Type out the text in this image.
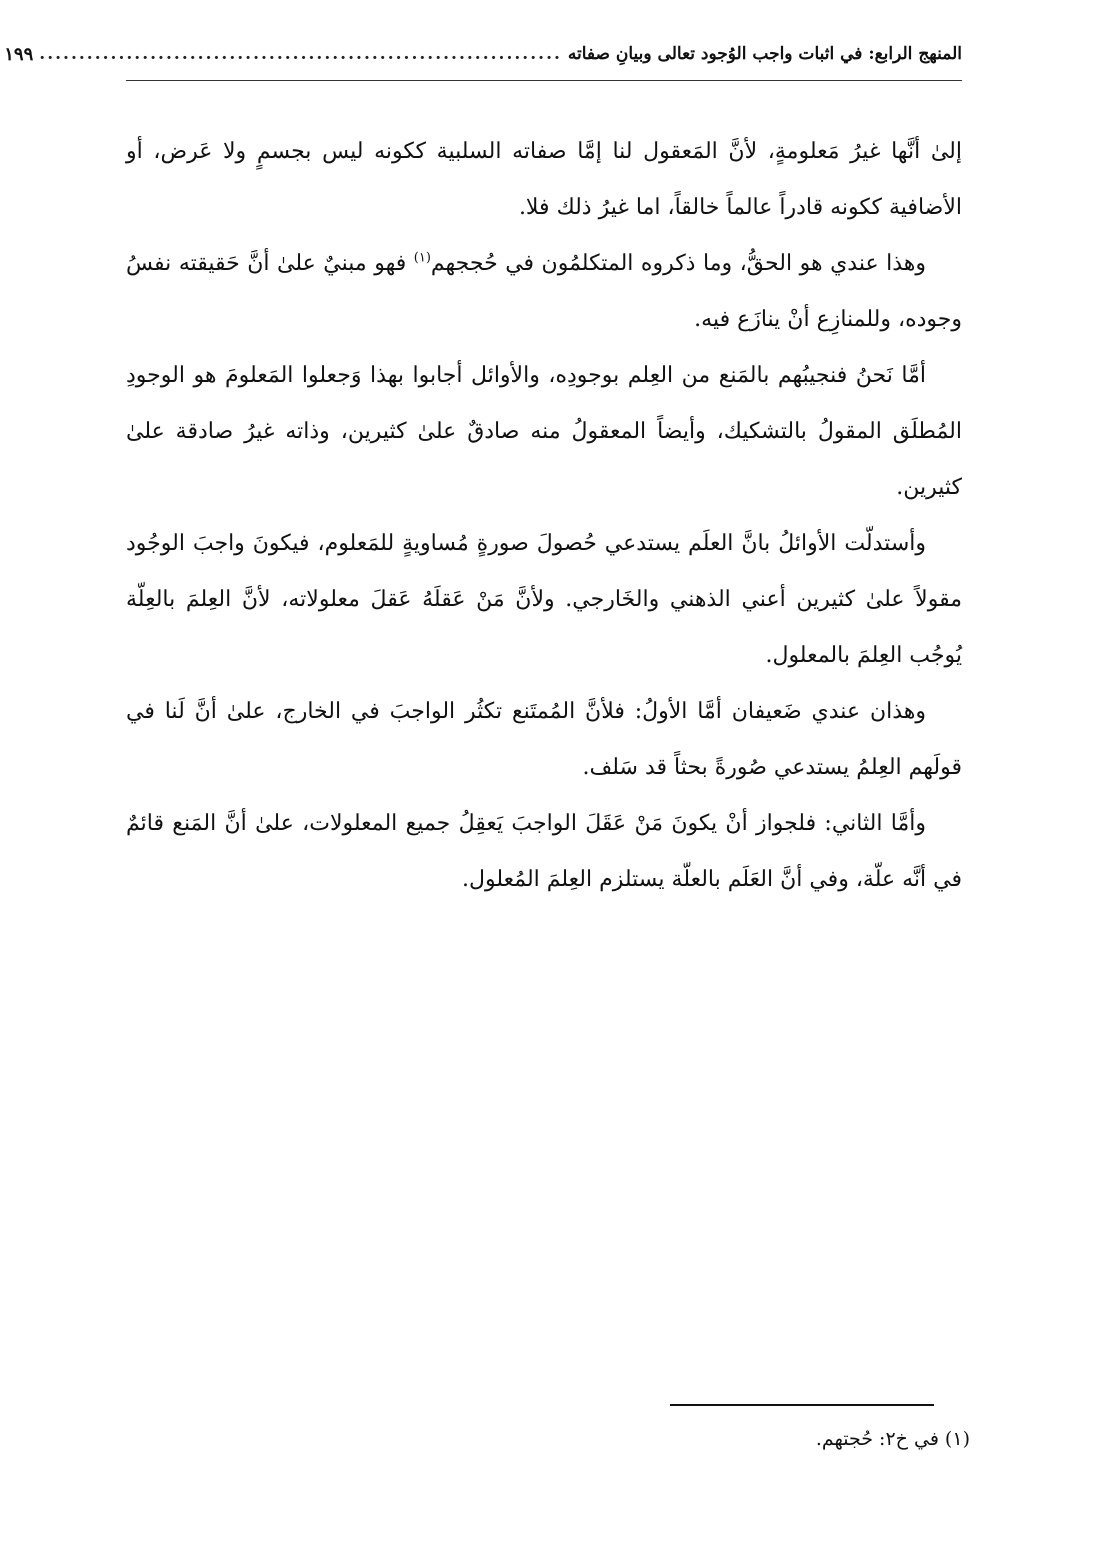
المنهج الرابع: في اثبات واجب الوُجود تعالى وبيانِ صفاته
..................................................................
١٩٩

إلىٰ أنَّها غيرُ مَعلومةٍ، لأنَّ المَعقول لنا إمَّا صفاته السلبية ككونه ليس بجسمٍ ولا عَرض، أو الأضافية ككونه قادراً عالماً خالقاً، اما غيرُ ذلك فلا.

وهذا عندي هو الحقُّ، وما ذكروه المتكلمُون في حُججهم$^{(١)}$ فهو مبنيٌ علىٰ أنَّ حَقيقته نفسُ وجوده، وللمنازِع أنْ ينازَع فيه.

أمَّا نَحنُ فنجيبُهم بالمَنع من العِلم بوجودِه، والأوائل أجابوا بهذا وَجعلوا المَعلومَ هو الوجودِ المُطلَق المقولُ بالتشكيك، وأيضاً المعقولُ منه صادقٌ علىٰ كثيرين، وذاته غيرُ صادقة علىٰ كثيرين.

وأستدلّت الأوائلُ بانَّ العلَم يستدعي حُصولَ صورةٍ مُساويةٍ للمَعلوم، فيكونَ واجبَ الوجُود مقولاً علىٰ كثيرين أعني الذهني والخَارجي. ولأنَّ مَنْ عَقلَهُ عَقلَ معلولاته، لأنَّ العِلمَ بالعِلّة يُوجُب العِلمَ بالمعلول.

وهذان عندي ضَعيفان أمَّا الأولُ: فلأنَّ المُمتَنع تكثُر الواجبَ في الخارج، علىٰ أنَّ لَنا في قولَهم العِلمُ يستدعي صُورةً بحثاً قد سَلف.

وأمَّا الثاني: فلجواز أنْ يكونَ مَنْ عَقَلَ الواجبَ يَعقِلُ جميع المعلولات، علىٰ أنَّ المَنع قائمٌ في أنَّه علّة، وفي أنَّ العَلَم بالعلّة يستلزم العِلمَ المُعلول.

(١) في خ٢: حُجتهم.
